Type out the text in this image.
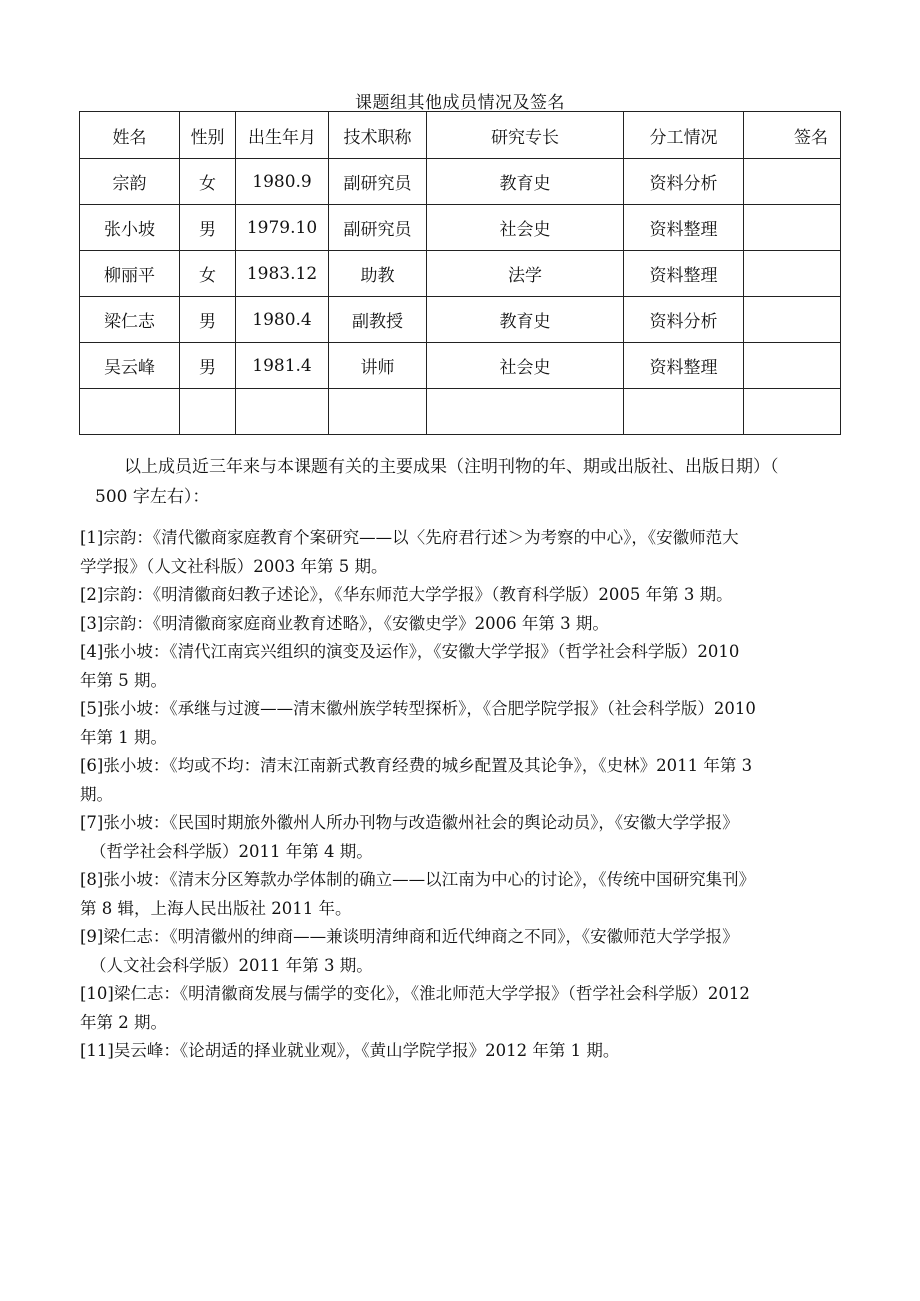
课题组其他成员情况及签名
姓名	性别	出生年月	技术职称	研究专长	分工情况	签名
宗韵	女	1980.9	副研究员	教育史	资料分析	
张小坡	男	1979.10	副研究员	社会史	资料整理	
柳丽平	女	1983.12	助教	法学	资料整理	
梁仁志	男	1980.4	副教授	教育史	资料分析	
吴云峰	男	1981.4	讲师	社会史	资料整理	

以上成员近三年来与本课题有关的主要成果（注明刊物的年、期或出版社、出版日期）（
500 字左右）：
[1]宗韵：《清代徽商家庭教育个案研究——以〈先府君行述＞为考察的中心》，《安徽师范大
学学报》（人文社科版）2003 年第 5 期。
[2]宗韵：《明清徽商妇教子述论》，《华东师范大学学报》（教育科学版）2005 年第 3 期。
[3]宗韵：《明清徽商家庭商业教育述略》，《安徽史学》2006 年第 3 期。
[4]张小坡：《清代江南宾兴组织的演变及运作》，《安徽大学学报》（哲学社会科学版）2010
年第 5 期。
[5]张小坡：《承继与过渡——清末徽州族学转型探析》，《合肥学院学报》（社会科学版）2010
年第 1 期。
[6]张小坡：《均或不均：清末江南新式教育经费的城乡配置及其论争》，《史林》2011 年第 3
期。
[7]张小坡：《民国时期旅外徽州人所办刊物与改造徽州社会的舆论动员》，《安徽大学学报》
（哲学社会科学版）2011 年第 4 期。
[8]张小坡：《清末分区筹款办学体制的确立——以江南为中心的讨论》，《传统中国研究集刊》
第 8 辑，上海人民出版社 2011 年。
[9]梁仁志：《明清徽州的绅商——兼谈明清绅商和近代绅商之不同》，《安徽师范大学学报》
（人文社会科学版）2011 年第 3 期。
[10]梁仁志：《明清徽商发展与儒学的变化》，《淮北师范大学学报》（哲学社会科学版）2012
年第 2 期。
[11]吴云峰：《论胡适的择业就业观》，《黄山学院学报》2012 年第 1 期。
